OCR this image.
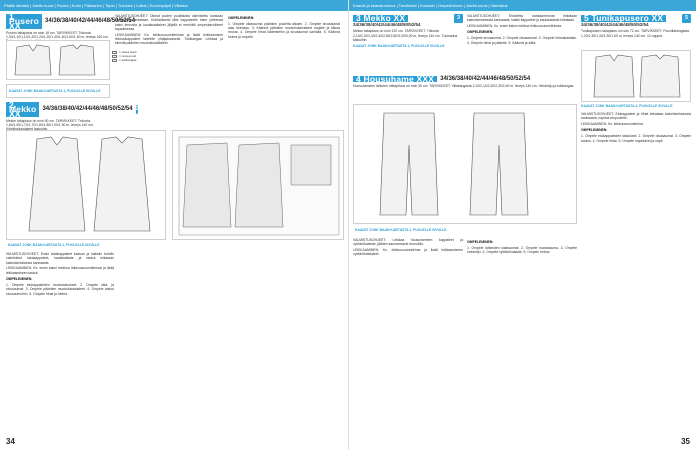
Päälle lainattu | Jaettu kuosi | Ruoka | Kuitu | Pakkanen | Tapio | Tulostus | Laiksi | Koronapiipit | Villaiset
1 Pusero XX	34/36/38/40/42/44/46/48/50/52/54
Pusero takaplaus on noin 18 cm. TARVIKKEET: Trikoota 1,00/1,10/1,10/1,20/1,20/1,20/1,40/1,40/1,50/1,50 m, leveys 150 cm.

VALMISTUSOHJEET: Oikeat puolen puolikkaita valmistettu kankaan etupuolelta lasketaan. Kohtalaisesti tälle kappaleelle tulee yhteensä kaksi kerrosta ja kaulakaistaleet jäljellä ei merkittä ompelutarvikkeet tapauksessa.

LEIKKAAMINEN: Ks. leikkuusuunnitelmaa ja lisää leikkaamisen leikkuukappaleet taiteelle yhtäjaksoisesti. Tukikangas: Leikkaa ja kiinnitä pääntien muotoilukaistaleet.

OMPELEMINEN:

1. Ompele olkasauma pääntien puolelta alkaen. 2. Ompele sivusaumat alas helmaan. 3. Käännä pääntien muotoilukaistaleet nurjalle ja tikkaa reunat. 4. Ompele hihat kädenteihin ja sivusaumat samalla. 5. Käännä helma ja ompele.

= oikea puoli
= nurja puoli
= tukikangas
KAAVAT JONK BAAN KARTASTA 1, PUOLELLE SIVULLE
2 Mekko XX	34/36/38/40/42/44/46/48/50/52/54 2
Mekon takaplaus on noin 90 cm. TARVIKKEET: Trikoota 1,60/1,60/1,70/1,70/1,80/1,80/1,90/1,90 m, leveys 140 cm.
KAAVAT JONK BAAN KARTASTA 1, PUOLELLE SIVULLE

VALMISTUSOHJEET: Ensin takakappaleet kaavan ja kaikkiin kohdin valmistetut takakappaleet, kaulakaistale ja taskut leikataan kaksinkertaisesta kankaasta.

LEIKKAAMINEN: Ks. ensin kaksi mekkoa leikkuusuunnitelmaa ja lisää leikkaamiseen taskut.

OMPELEMINEN:

1. Ompele etukappaleiden muotolaskokset. 2. Ompele olka- ja sivusaumat. 3. Ompele pääntien muotoilukaistaleet. 4. Ompele taskut sivusaumoihin. 5. Ompele hihat ja helma.

34
Kaavat ja kaavaluonnos | Tarvikkeet | Kankaat | Ompeleminen | Jaettu kuosi | Valmistus
3 Mekko XX	3
34/36/38/40/42/44/46/48/50/52/54
Mekon takaplaus on noin 120 cm. TARVIKKEET: Trikoota 2,10/2,10/2,40/2,40/2,80/2,80/3,00/3,00 m, leveys 140 cm. Tukinauha taskuihin.

KAAVAT JONK BAAN KARTASTA 1, PUOLELLE SIVULLE

VALMISTUSOHJEET: Ehdotettu kankaanreunat leikataan kaksinkertaisesta kankaasta, kaikki kappaleet ja kaulakaistale leikataan.

LEIKKAAMINEN: Ks. ensin kaksi mekkoa leikkuusuunnitelmaa.

OMPELEMINEN:

1. Ompele sivusaumat. 2. Ompele olkasaumat. 3. Ompele helmakaistale. 4. Ompele hihat ja pääntie. 5. Käännä ja silitä.

5 Tunikapusero XX	5
34/36/38/40/42/44/46/48/50/52/54
Tunikapusero takaplaus on noin 72 cm. TARVIKKEET: Puuvillakangasta 1,20/1,30/1,40/1,50/1,60 m, leveys 140 cm. 12 nappia.
KAAVAT JONK BAAN KARTASTA 2, PUOLELLE SIVULLE

VALMISTUSOHJEET: Etukappaleet ja hihat leikataan kaksinkertaisesta kankaasta, napitus etupuolelle.

LEIKKAAMINEN: Ks. leikkuusuunnitelma.

OMPELEMINEN:

1. Ompele etukappaleiden laskokset. 2. Ompele olkasaumat. 3. Ompele kaulus. 4. Ompele hihat. 5. Ompele napinlävet ja napit.

4 Housuhame XXX	34/36/38/40/42/44/46/48/50/52/54
Housuhameen lahkeen mittapituus on noin 90 cm. TARVIKKEET: Villakangasta 2,10/2,10/2,20/2,30/2,40 m, leveys 140 cm. Vetoketju ja tukikangas.
KAAVAT JONK BAAN KARTASTA 1, PUOLELLE SIVULLE

VALMISTUSOHJEET: Leikkaa housuhameen kappaleet ja vyötärökaistale, jättäen saumanvarat reunoihin.

LEIKKAAMINEN: Ks. leikkuusuunnitelma ja lisää leikkaamiseen vyötärökaistaleet.

OMPELEMINEN:

1. Ompele lahkeiden sisäsaumat. 2. Ompele haarasauma. 3. Ompele vetoketju. 4. Ompele vyötärökaistale. 5. Ompele helma.

35
